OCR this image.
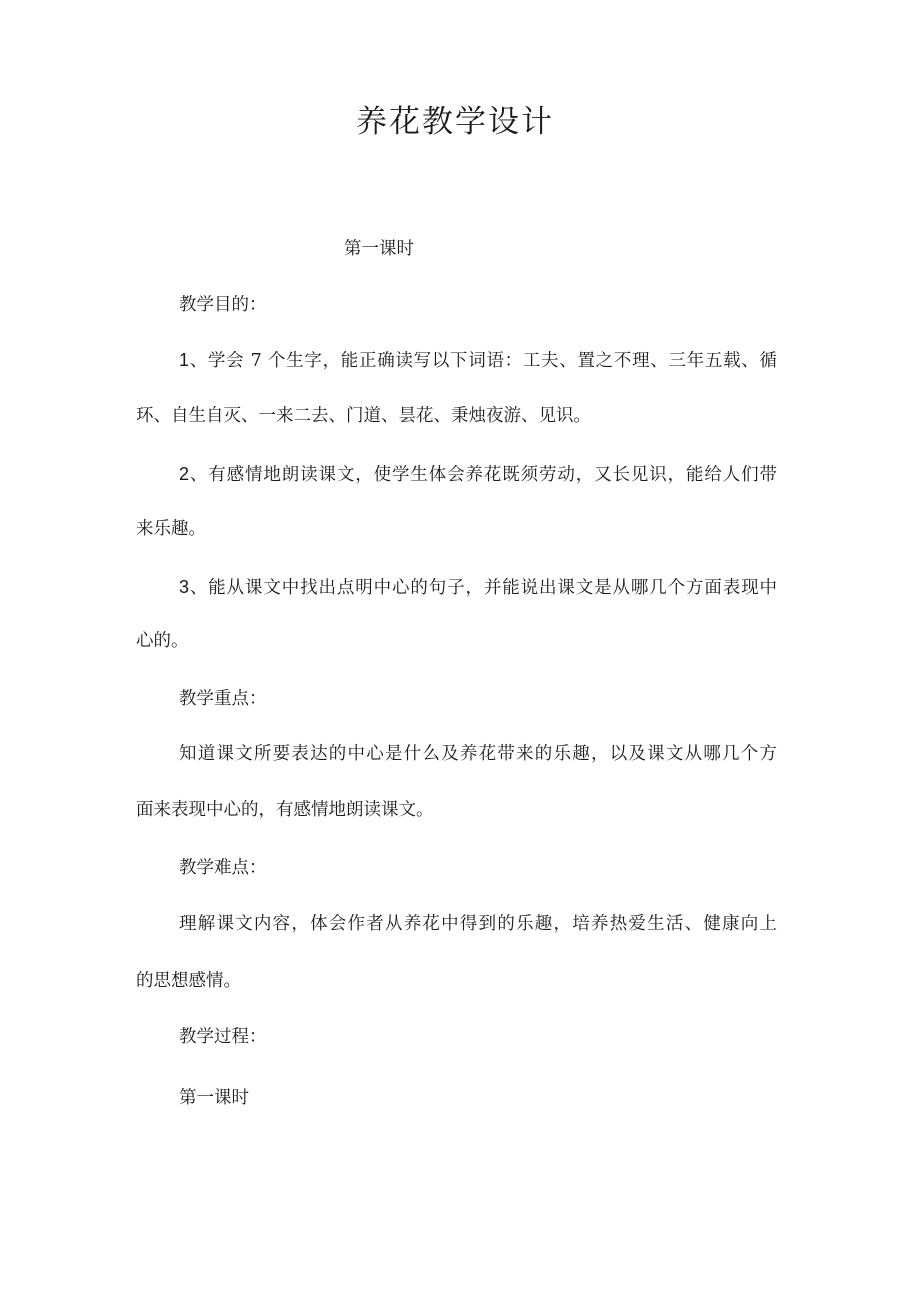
养花教学设计

第一课时

教学目的：

1、学会 7 个生字，能正确读写以下词语：工夫、置之不理、三年五载、循

环、自生自灭、一来二去、门道、昙花、秉烛夜游、见识。

2、有感情地朗读课文，使学生体会养花既须劳动，又长见识，能给人们带

来乐趣。

3、能从课文中找出点明中心的句子，并能说出课文是从哪几个方面表现中

心的。

教学重点：

知道课文所要表达的中心是什么及养花带来的乐趣，以及课文从哪几个方

面来表现中心的，有感情地朗读课文。

教学难点：

理解课文内容，体会作者从养花中得到的乐趣，培养热爱生活、健康向上

的思想感情。

教学过程：

第一课时
